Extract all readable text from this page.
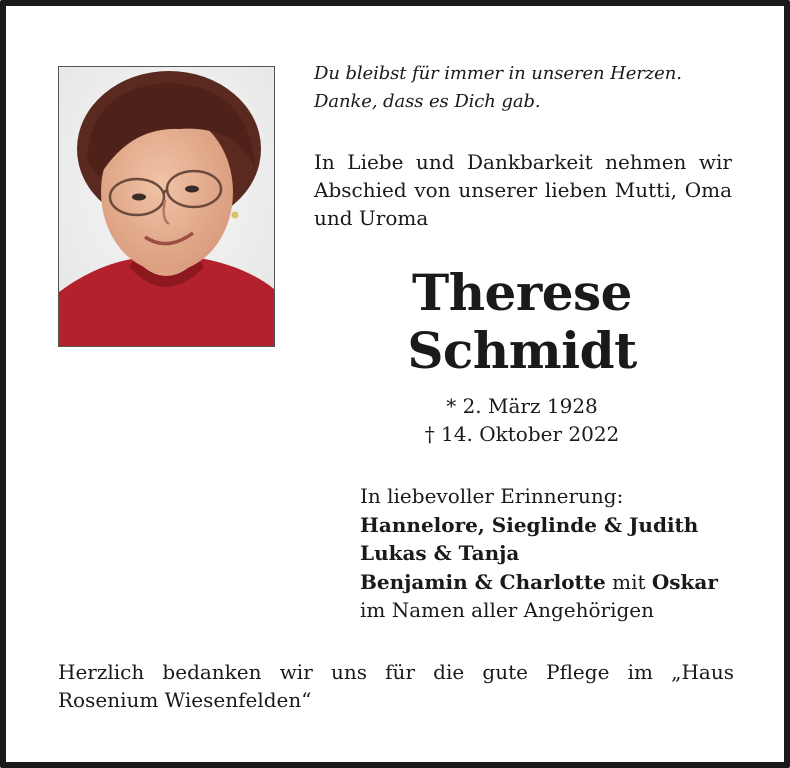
Du bleibst für immer in unseren Herzen.
Danke, dass es Dich gab.
In Liebe und Dankbarkeit nehmen wir Abschied von unserer lieben Mutti, Oma und Uroma
Therese
Schmidt
* 2. März 1928
† 14. Oktober 2022
In liebevoller Erinnerung:
Hannelore, Sieglinde & Judith
Lukas & Tanja
Benjamin & Charlotte mit Oskar
im Namen aller Angehörigen
Herzlich bedanken wir uns für die gute Pflege im „Haus Rosenium Wiesenfelden“
